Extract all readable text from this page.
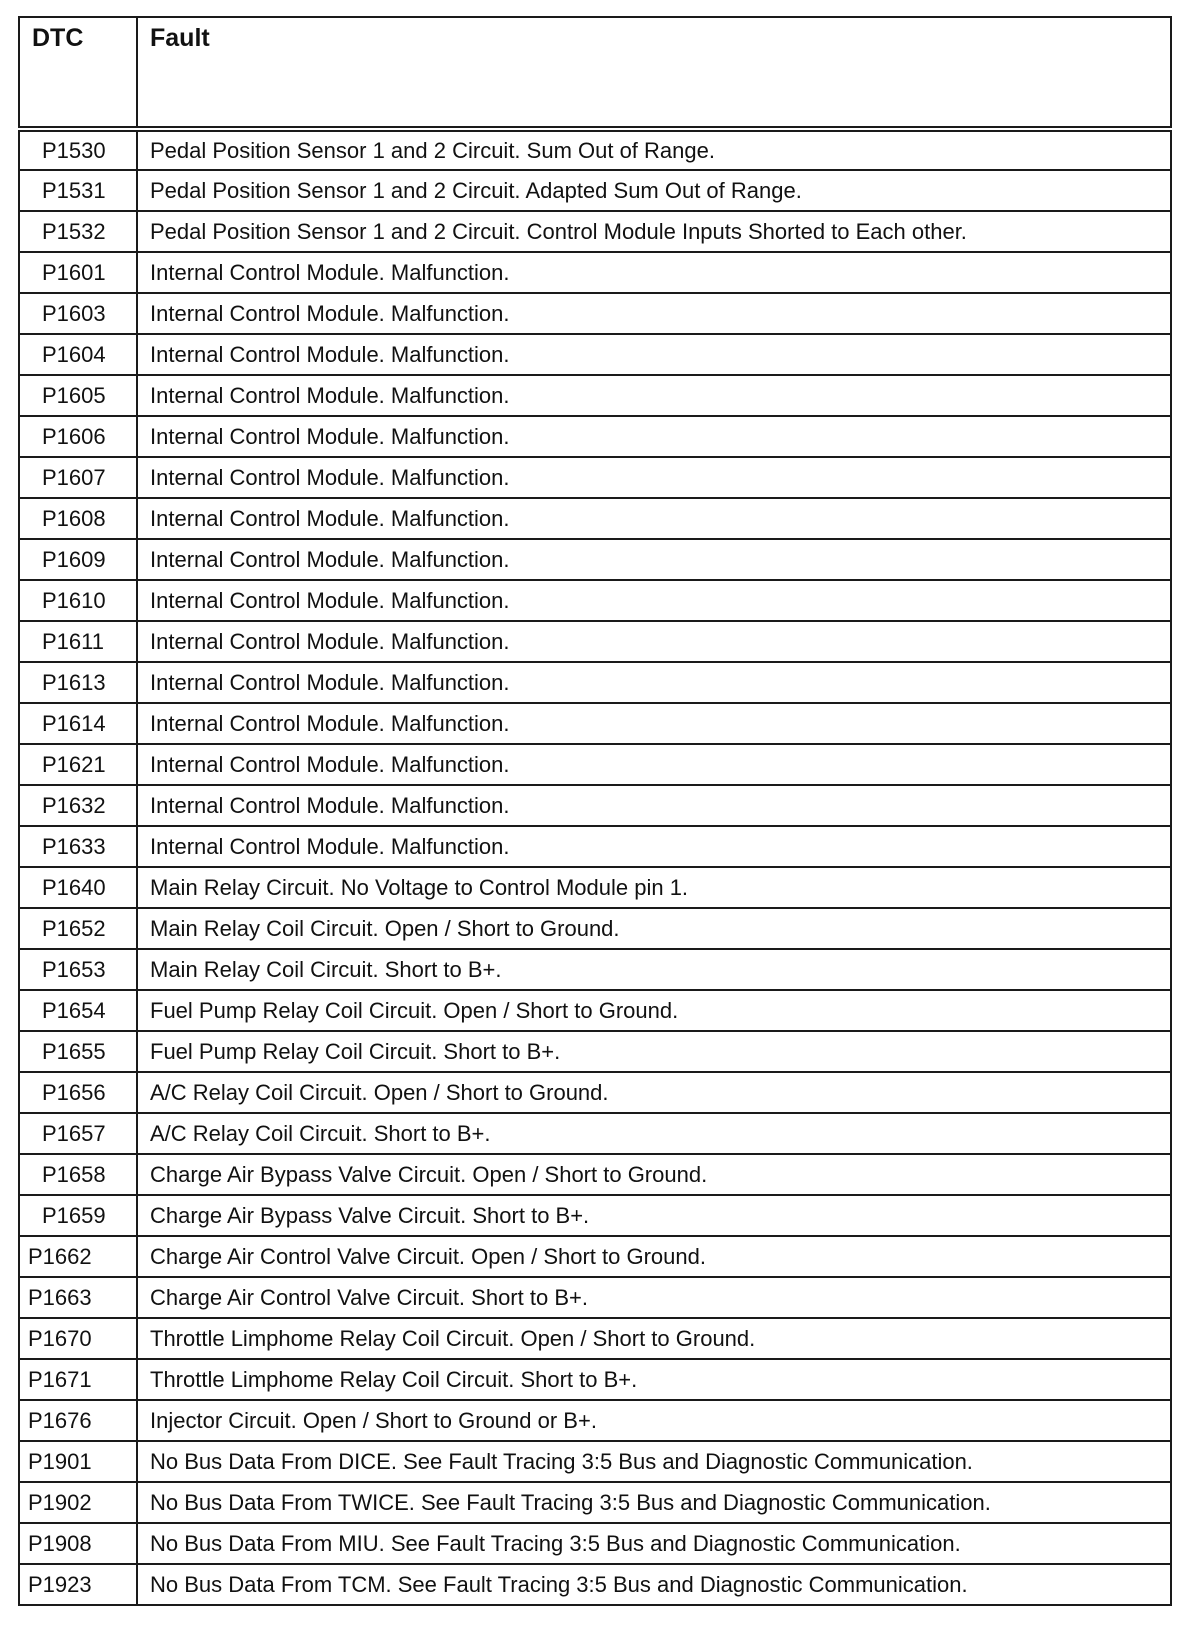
DTC	Fault
P1530	Pedal Position Sensor 1 and 2 Circuit. Sum Out of Range.
P1531	Pedal Position Sensor 1 and 2 Circuit. Adapted Sum Out of Range.
P1532	Pedal Position Sensor 1 and 2 Circuit. Control Module Inputs Shorted to Each other.
P1601	Internal Control Module. Malfunction.
P1603	Internal Control Module. Malfunction.
P1604	Internal Control Module. Malfunction.
P1605	Internal Control Module. Malfunction.
P1606	Internal Control Module. Malfunction.
P1607	Internal Control Module. Malfunction.
P1608	Internal Control Module. Malfunction.
P1609	Internal Control Module. Malfunction.
P1610	Internal Control Module. Malfunction.
P1611	Internal Control Module. Malfunction.
P1613	Internal Control Module. Malfunction.
P1614	Internal Control Module. Malfunction.
P1621	Internal Control Module. Malfunction.
P1632	Internal Control Module. Malfunction.
P1633	Internal Control Module. Malfunction.
P1640	Main Relay Circuit. No Voltage to Control Module pin 1.
P1652	Main Relay Coil Circuit. Open / Short to Ground.
P1653	Main Relay Coil Circuit. Short to B+.
P1654	Fuel Pump Relay Coil Circuit. Open / Short to Ground.
P1655	Fuel Pump Relay Coil Circuit. Short to B+.
P1656	A/C Relay Coil Circuit. Open / Short to Ground.
P1657	A/C Relay Coil Circuit. Short to B+.
P1658	Charge Air Bypass Valve Circuit. Open / Short to Ground.
P1659	Charge Air Bypass Valve Circuit. Short to B+.
P1662	Charge Air Control Valve Circuit. Open / Short to Ground.
P1663	Charge Air Control Valve Circuit. Short to B+.
P1670	Throttle Limphome Relay Coil Circuit. Open / Short to Ground.
P1671	Throttle Limphome Relay Coil Circuit. Short to B+.
P1676	Injector Circuit. Open / Short to Ground or B+.
P1901	No Bus Data From DICE. See Fault Tracing 3:5 Bus and Diagnostic Communication.
P1902	No Bus Data From TWICE. See Fault Tracing 3:5 Bus and Diagnostic Communication.
P1908	No Bus Data From MIU. See Fault Tracing 3:5 Bus and Diagnostic Communication.
P1923	No Bus Data From TCM. See Fault Tracing 3:5 Bus and Diagnostic Communication.
